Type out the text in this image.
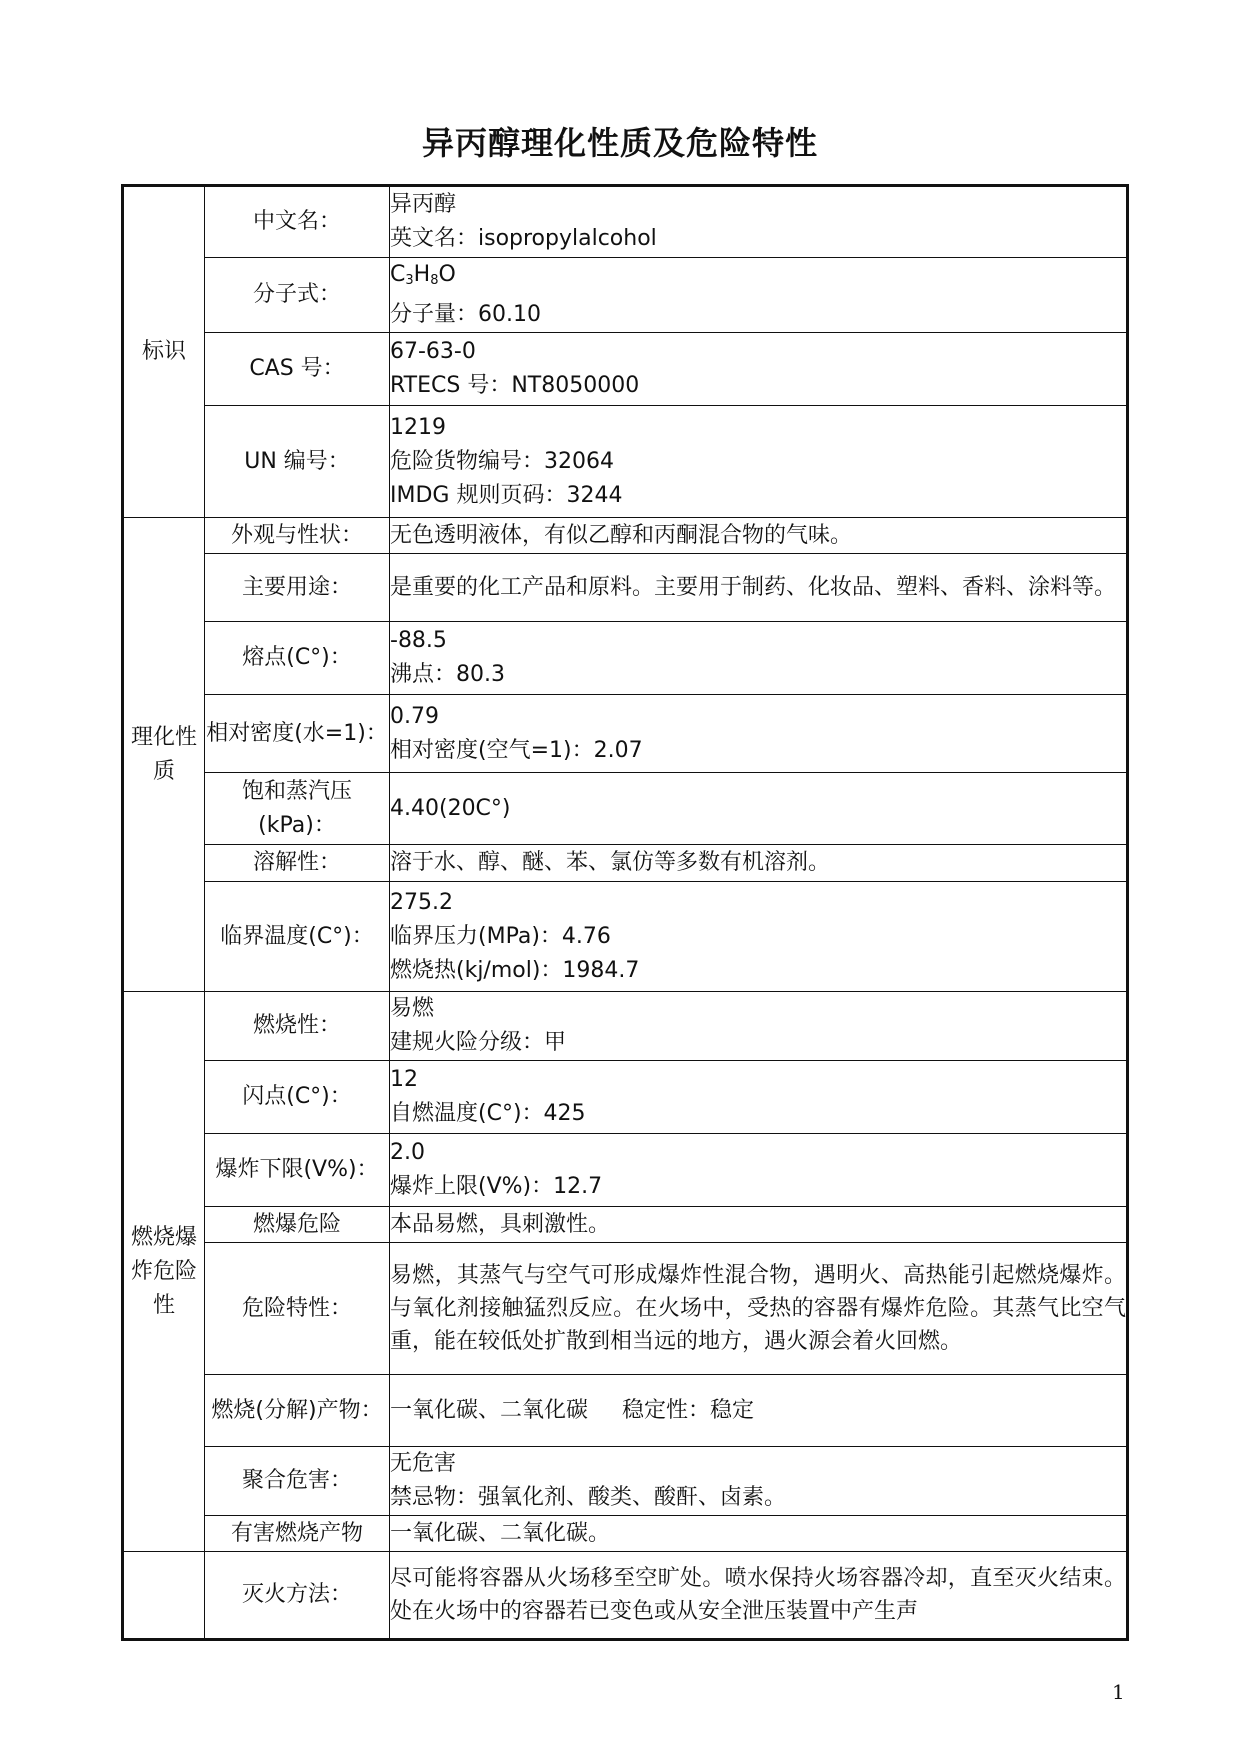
异丙醇理化性质及危险特性
标识	中文名：	异丙醇
英文名：isopropylalcohol

	分子式：	$C_3H_8O$
分子量：60.10

	CAS 号：	67-63-0
RTECS 号：NT8050000

	UN 编号：	1219
危险货物编号：32064
IMDG 规则页码：3244

理化性质	外观与性状：	无色透明液体，有似乙醇和丙酮混合物的气味。

	主要用途：	是重要的化工产品和原料。主要用于制药、化妆品、塑料、香料、涂料等。

	熔点(C°)：	-88.5
沸点：80.3

	相对密度(水=1)：	0.79
相对密度(空气=1)：2.07

	饱和蒸汽压(kPa)：	4.40(20C°)

	溶解性：	溶于水、醇、醚、苯、氯仿等多数有机溶剂。

	临界温度(C°)：	275.2
临界压力(MPa)：4.76
燃烧热(kj/mol)：1984.7

燃烧爆炸危险性	燃烧性：	易燃
建规火险分级：甲

	闪点(C°)：	12
自燃温度(C°)：425

	爆炸下限(V%)：	2.0
爆炸上限(V%)：12.7

	燃爆危险	本品易燃，具刺激性。

	危险特性：	易燃，其蒸气与空气可形成爆炸性混合物，遇明火、高热能引起燃烧爆炸。与氧化剂接触猛烈反应。在火场中，受热的容器有爆炸危险。其蒸气比空气重，能在较低处扩散到相当远的地方，遇火源会着火回燃。

	燃烧(分解)产物：	一氧化碳、二氧化碳 稳定性：稳定
	聚合危害：	无危害
禁忌物：强氧化剂、酸类、酸酐、卤素。

	有害燃烧产物	一氧化碳、二氧化碳。

	灭火方法：	尽可能将容器从火场移至空旷处。喷水保持火场容器冷却，直至灭火结束。处在火场中的容器若已变色或从安全泄压装置中产生声
1
